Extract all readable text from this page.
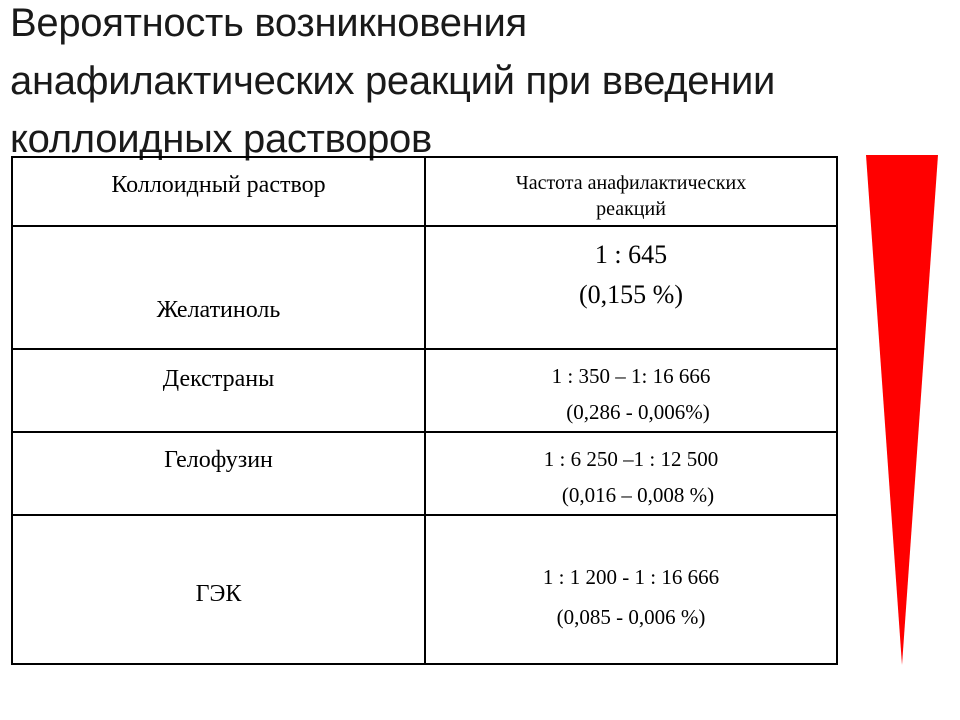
Вероятность возникновения
анафилактических реакций при введении
коллоидных растворов
Коллоидный раствор	Частота анафилактических
реакций

Желатиноль	1 : 645
(0,155 %)

Декстраны	1 : 350 – 1: 16 666
(0,286 - 0,006%)

Гелофузин	1 : 6 250 –1 : 12 500
(0,016 – 0,008 %)

ГЭК	1 : 1 200 - 1 : 16 666
(0,085 - 0,006 %)
